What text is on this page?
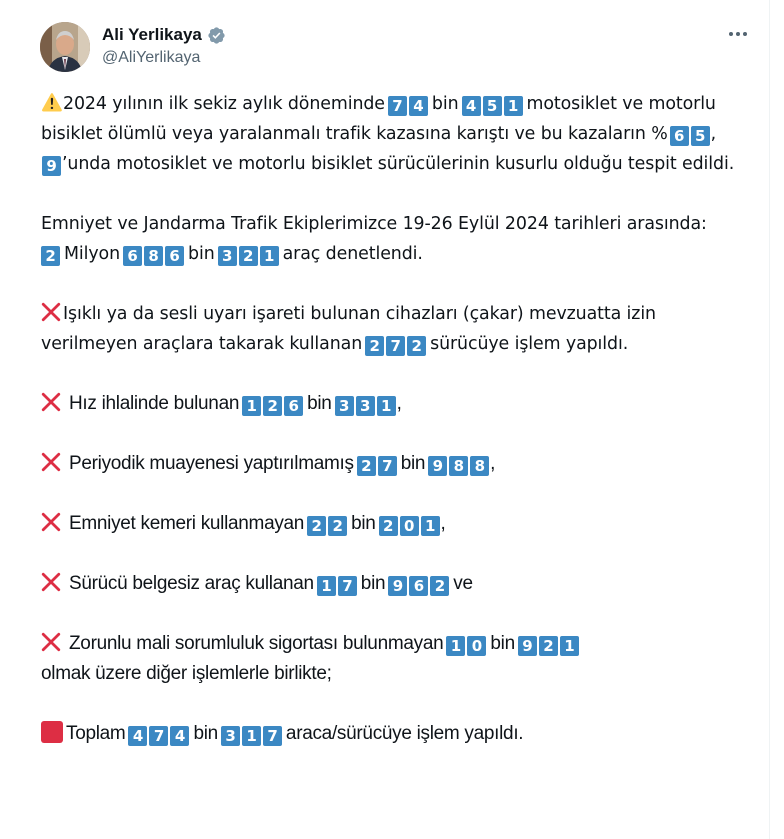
Ali Yerlikaya
@AliYerlikaya
2024 yılının ilk sekiz aylık döneminde 7 4 bin 4 5 1 motosiklet ve motorlu bisiklet ölümlü veya yaralanmalı trafik kazasına karıştı ve bu kazaların % 6 5 ,9 ’unda motosiklet ve motorlu bisiklet sürücülerinin kusurlu olduğu tespit edildi.
Emniyet ve Jandarma Trafik Ekiplerimizce 19-26 Eylül 2024 tarihleri arasında:
2 Milyon 6 8 6 bin 3 2 1 araç denetlendi.
Işıklı ya da sesli uyarı işareti bulunan cihazları (çakar) mevzuatta izin verilmeyen araçlara takarak kullanan 2 7 2 sürücüye işlem yapıldı.
Hız ihlalinde bulunan 1 2 6 bin 3 3 1 ,
Periyodik muayenesi yaptırılmamış 2 7 bin 9 8 8 ,
Emniyet kemeri kullanmayan 2 2 bin 2 0 1 ,
Sürücü belgesiz araç kullanan 1 7 bin 9 6 2 ve
Zorunlu mali sorumluluk sigortası bulunmayan 1 0 bin 9 2 1
olmak üzere diğer işlemlerle birlikte;
Toplam 4 7 4 bin 3 1 7 araca/sürücüye işlem yapıldı.
